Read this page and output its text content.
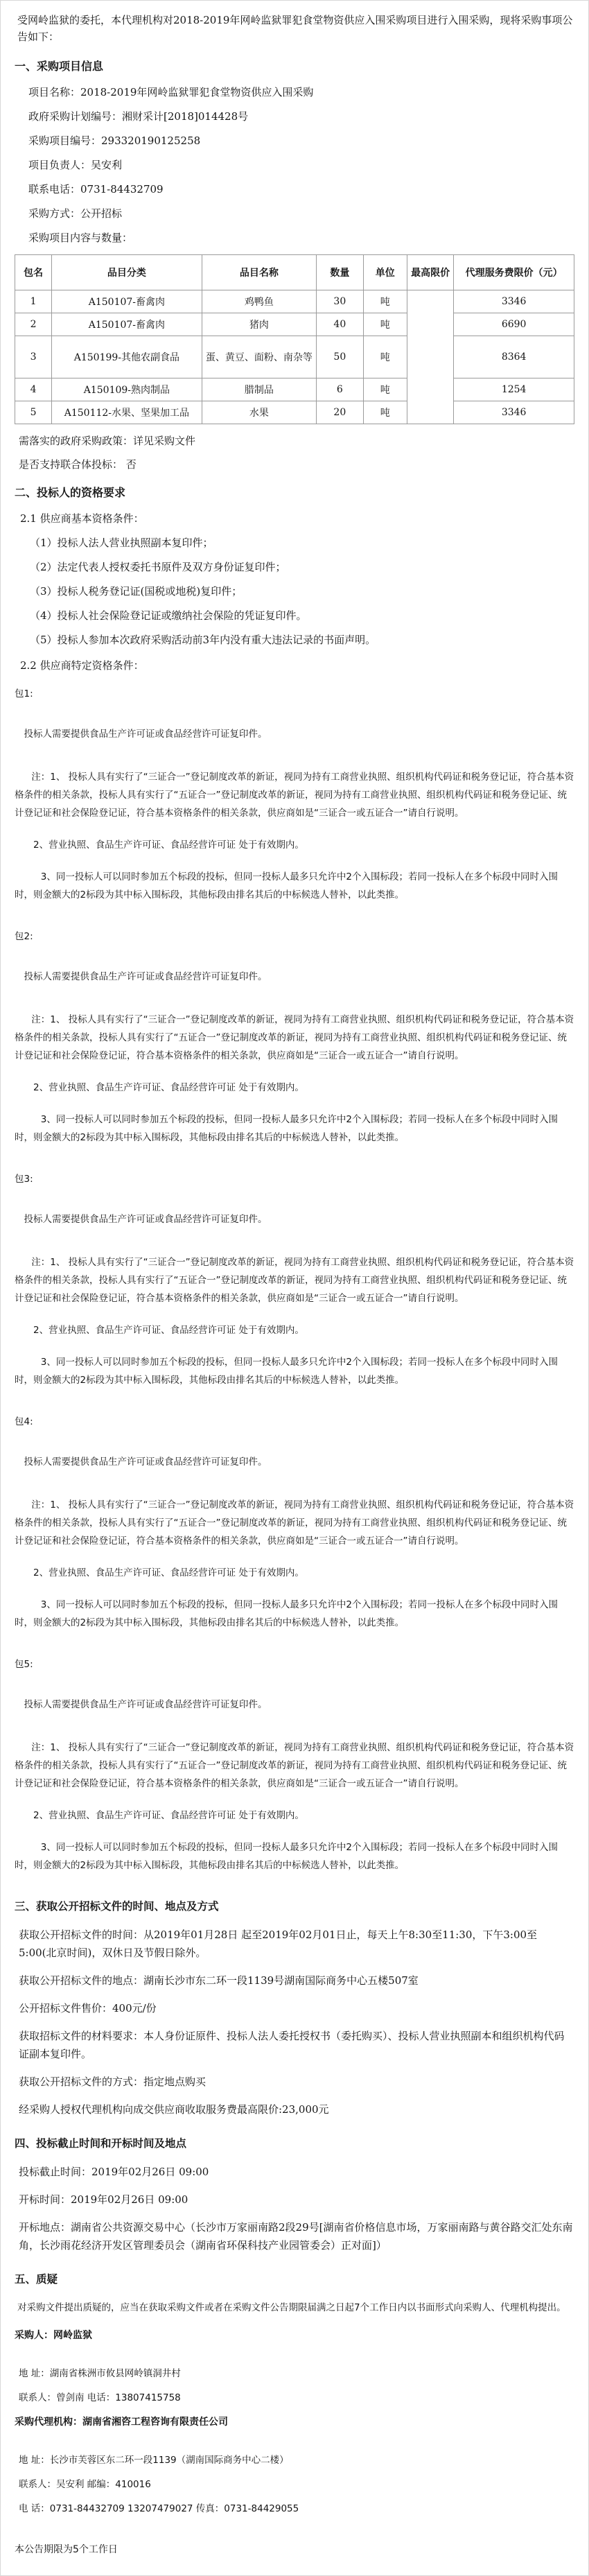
受网岭监狱的委托，本代理机构对2018-2019年网岭监狱罪犯食堂物资供应入围采购项目进行入围采购，现将采购事项公告如下：

一、采购项目信息

项目名称：2018-2019年网岭监狱罪犯食堂物资供应入围采购

政府采购计划编号：湘财采计[2018]014428号

采购项目编号：293320190125258

项目负责人：吴安利

联系电话：0731-84432709

采购方式：公开招标

采购项目内容与数量：

包名	品目分类	品目名称	数量	单位	最高限价	代理服务费限价（元）
1	A150107-畜禽肉	鸡鸭鱼	30	吨		3346
2	A150107-畜禽肉	猪肉	40	吨		6690
3	A150199-其他农副食品	蛋、黄豆、面粉、南杂等	50	吨		8364
4	A150109-熟肉制品	腊制品	6	吨		1254
5	A150112-水果、坚果加工品	水果	20	吨		3346

需落实的政府采购政策：详见采购文件

是否支持联合体投标： 否

二、投标人的资格要求

2.1 供应商基本资格条件：

（1）投标人法人营业执照副本复印件；

（2）法定代表人授权委托书原件及双方身份证复印件；

（3）投标人税务登记证(国税或地税)复印件；

（4）投标人社会保险登记证或缴纳社会保险的凭证复印件。

（5）投标人参加本次政府采购活动前3年内没有重大违法记录的书面声明。

2.2 供应商特定资格条件：

包1:

投标人需要提供食品生产许可证或食品经营许可证复印件。

注：1、 投标人具有实行了“三证合一”登记制度改革的新证，视同为持有工商营业执照、组织机构代码证和税务登记证，符合基本资格条件的相关条款，投标人具有实行了“五证合一”登记制度改革的新证，视同为持有工商营业执照、组织机构代码证和税务登记证、统计登记证和社会保险登记证，符合基本资格条件的相关条款，供应商如是“三证合一或五证合一”请自行说明。

2、营业执照、食品生产许可证、食品经营许可证 处于有效期内。

3、同一投标人可以同时参加五个标段的投标，但同一投标人最多只允许中2个入围标段；若同一投标人在多个标段中同时入围时，则金额大的2标段为其中标入围标段，其他标段由排名其后的中标候选人替补，以此类推。

包2:

投标人需要提供食品生产许可证或食品经营许可证复印件。

注：1、 投标人具有实行了“三证合一”登记制度改革的新证，视同为持有工商营业执照、组织机构代码证和税务登记证，符合基本资格条件的相关条款，投标人具有实行了“五证合一”登记制度改革的新证，视同为持有工商营业执照、组织机构代码证和税务登记证、统计登记证和社会保险登记证，符合基本资格条件的相关条款，供应商如是“三证合一或五证合一”请自行说明。

2、营业执照、食品生产许可证、食品经营许可证 处于有效期内。

3、同一投标人可以同时参加五个标段的投标，但同一投标人最多只允许中2个入围标段；若同一投标人在多个标段中同时入围时，则金额大的2标段为其中标入围标段，其他标段由排名其后的中标候选人替补，以此类推。

包3:

投标人需要提供食品生产许可证或食品经营许可证复印件。

注：1、 投标人具有实行了“三证合一”登记制度改革的新证，视同为持有工商营业执照、组织机构代码证和税务登记证，符合基本资格条件的相关条款，投标人具有实行了“五证合一”登记制度改革的新证，视同为持有工商营业执照、组织机构代码证和税务登记证、统计登记证和社会保险登记证，符合基本资格条件的相关条款，供应商如是“三证合一或五证合一”请自行说明。

2、营业执照、食品生产许可证、食品经营许可证 处于有效期内。

3、同一投标人可以同时参加五个标段的投标，但同一投标人最多只允许中2个入围标段；若同一投标人在多个标段中同时入围时，则金额大的2标段为其中标入围标段，其他标段由排名其后的中标候选人替补，以此类推。

包4:

投标人需要提供食品生产许可证或食品经营许可证复印件。

注：1、 投标人具有实行了“三证合一”登记制度改革的新证，视同为持有工商营业执照、组织机构代码证和税务登记证，符合基本资格条件的相关条款，投标人具有实行了“五证合一”登记制度改革的新证，视同为持有工商营业执照、组织机构代码证和税务登记证、统计登记证和社会保险登记证，符合基本资格条件的相关条款，供应商如是“三证合一或五证合一”请自行说明。

2、营业执照、食品生产许可证、食品经营许可证 处于有效期内。

3、同一投标人可以同时参加五个标段的投标，但同一投标人最多只允许中2个入围标段；若同一投标人在多个标段中同时入围时，则金额大的2标段为其中标入围标段，其他标段由排名其后的中标候选人替补，以此类推。

包5:

投标人需要提供食品生产许可证或食品经营许可证复印件。

注：1、 投标人具有实行了“三证合一”登记制度改革的新证，视同为持有工商营业执照、组织机构代码证和税务登记证，符合基本资格条件的相关条款，投标人具有实行了“五证合一”登记制度改革的新证，视同为持有工商营业执照、组织机构代码证和税务登记证、统计登记证和社会保险登记证，符合基本资格条件的相关条款，供应商如是“三证合一或五证合一”请自行说明。

2、营业执照、食品生产许可证、食品经营许可证 处于有效期内。

3、同一投标人可以同时参加五个标段的投标，但同一投标人最多只允许中2个入围标段；若同一投标人在多个标段中同时入围时，则金额大的2标段为其中标入围标段，其他标段由排名其后的中标候选人替补，以此类推。

三、获取公开招标文件的时间、地点及方式

获取公开招标文件的时间：从2019年01月28日 起至2019年02月01日止，每天上午8:30至11:30，下午3:00至5:00(北京时间)，双休日及节假日除外。

获取公开招标文件的地点：湖南长沙市东二环一段1139号湖南国际商务中心五楼507室

公开招标文件售价：400元/份

获取招标文件的材料要求：本人身份证原件、投标人法人委托授权书（委托购买）、投标人营业执照副本和组织机构代码证副本复印件。

获取公开招标文件的方式：指定地点购买

经采购人授权代理机构向成交供应商收取服务费最高限价:23,000元

四、投标截止时间和开标时间及地点

投标截止时间：2019年02月26日 09:00

开标时间：2019年02月26日 09:00

开标地点：湖南省公共资源交易中心（长沙市万家丽南路2段29号[湖南省价格信息市场，万家丽南路与黄谷路交汇处东南角，长沙雨花经济开发区管理委员会（湖南省环保科技产业园管委会）正对面]）

五、质疑

对采购文件提出质疑的，应当在获取采购文件或者在采购文件公告期限届满之日起7个工作日内以书面形式向采购人、代理机构提出。

采购人：网岭监狱

地 址：湖南省株洲市攸县网岭镇洞井村

联系人：曾剑南 电话：13807415758

采购代理机构：湖南省湘咨工程咨询有限责任公司

地 址：长沙市芙蓉区东二环一段1139（湖南国际商务中心二楼）

联系人：吴安利 邮编：410016

电 话：0731-84432709 13207479027 传真：0731-84429055

本公告期限为5个工作日
